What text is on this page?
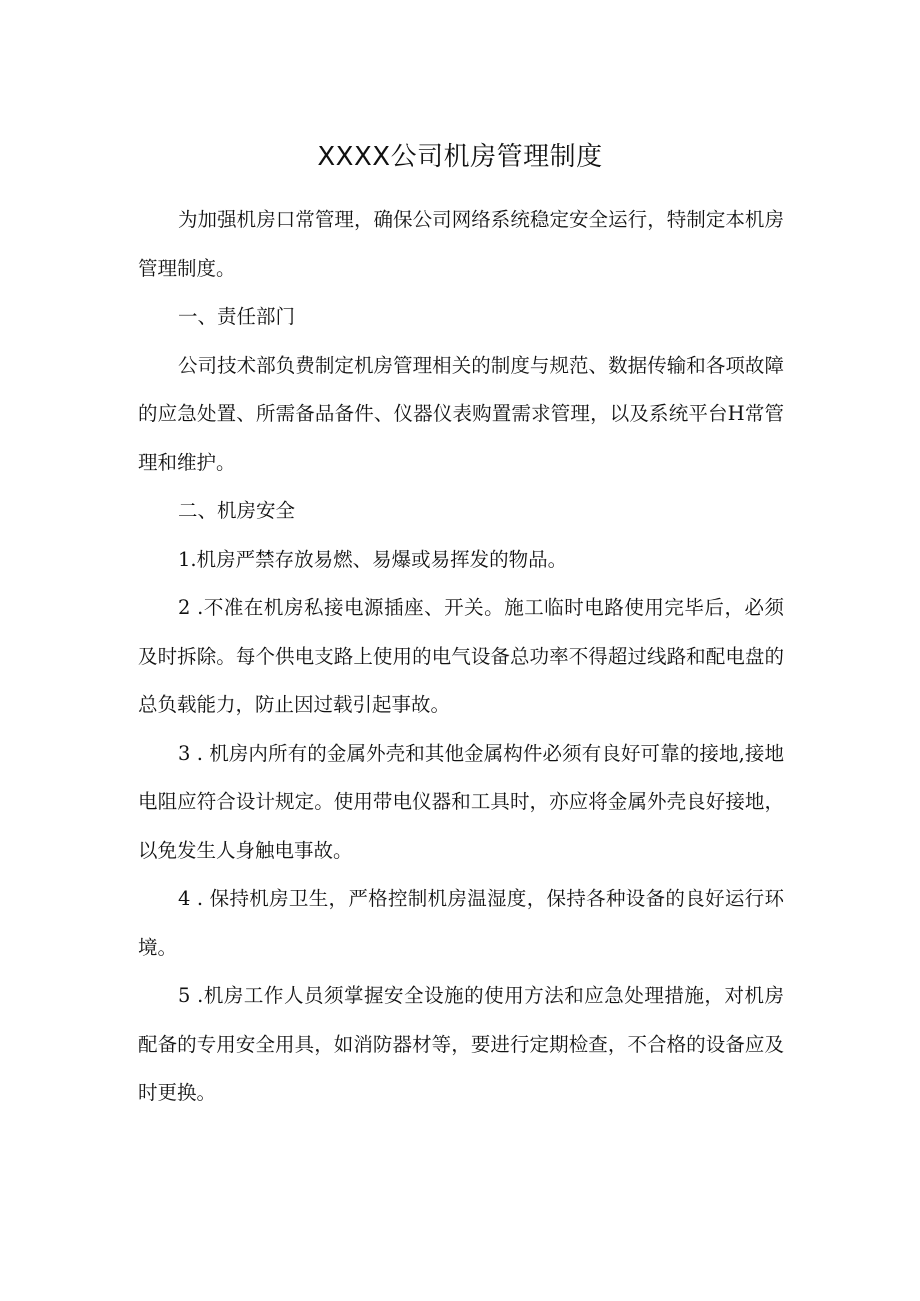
XXXX公司机房管理制度

为加强机房口常管理，确保公司网络系统稳定安全运行，特制定本机房管理制度。

一、责任部门

公司技术部负费制定机房管理相关的制度与规范、数据传输和各项故障的应急处置、所需备品备件、仪器仪表购置需求管理，以及系统平台H常管理和维护。

二、机房安全

1.机房严禁存放易燃、易爆或易挥发的物品。

2 .不准在机房私接电源插座、开关。施工临时电路使用完毕后，必须及时拆除。每个供电支路上使用的电气设备总功率不得超过线路和配电盘的总负载能力，防止因过载引起事故。

3 . 机房内所有的金属外壳和其他金属构件必须有良好可靠的接地,接地电阻应符合设计规定。使用带电仪器和工具时，亦应将金属外壳良好接地，以免发生人身触电事故。

4 . 保持机房卫生，严格控制机房温湿度，保持各种设备的良好运行环境。

5 .机房工作人员须掌握安全设施的使用方法和应急处理措施，对机房配备的专用安全用具，如消防器材等，要进行定期检查，不合格的设备应及时更换。
